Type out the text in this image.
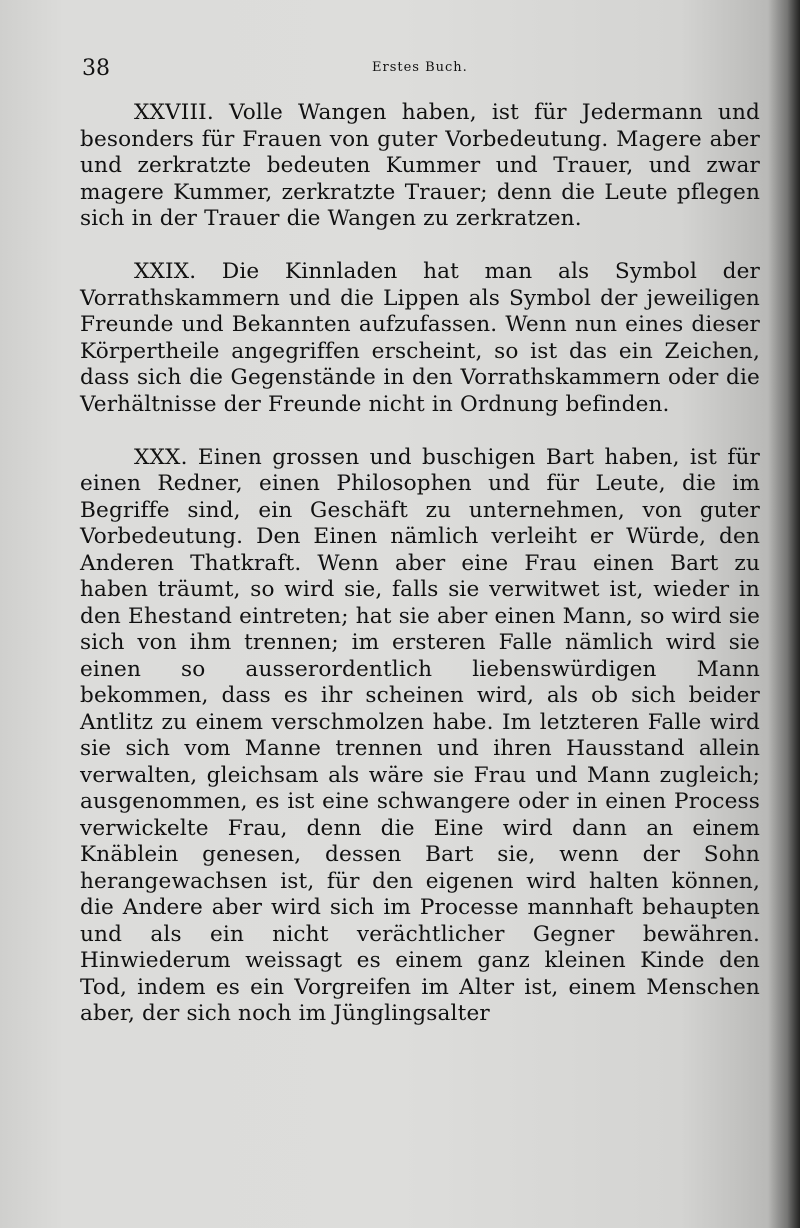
38	Erstes Buch.

XXVIII. Volle Wangen haben, ist für Jedermann und besonders für Frauen von guter Vorbedeutung. Magere aber und zerkratzte bedeuten Kummer und Trauer, und zwar magere Kummer, zerkratzte Trauer; denn die Leute pflegen sich in der Trauer die Wangen zu zerkratzen.

XXIX. Die Kinnladen hat man als Symbol der Vorrathskammern und die Lippen als Symbol der jeweiligen Freunde und Bekannten aufzufassen. Wenn nun eines dieser Körpertheile angegriffen erscheint, so ist das ein Zeichen, dass sich die Gegenstände in den Vorrathskammern oder die Verhältnisse der Freunde nicht in Ordnung befinden.

XXX. Einen grossen und buschigen Bart haben, ist für einen Redner, einen Philosophen und für Leute, die im Begriffe sind, ein Geschäft zu unternehmen, von guter Vorbedeutung. Den Einen nämlich verleiht er Würde, den Anderen Thatkraft. Wenn aber eine Frau einen Bart zu haben träumt, so wird sie, falls sie verwitwet ist, wieder in den Ehestand eintreten; hat sie aber einen Mann, so wird sie sich von ihm trennen; im ersteren Falle nämlich wird sie einen so ausserordentlich liebenswürdigen Mann bekommen, dass es ihr scheinen wird, als ob sich beider Antlitz zu einem verschmolzen habe. Im letzteren Falle wird sie sich vom Manne trennen und ihren Hausstand allein verwalten, gleichsam als wäre sie Frau und Mann zugleich; ausgenommen, es ist eine schwangere oder in einen Process verwickelte Frau, denn die Eine wird dann an einem Knäblein genesen, dessen Bart sie, wenn der Sohn herangewachsen ist, für den eigenen wird halten können, die Andere aber wird sich im Processe mannhaft behaupten und als ein nicht verächtlicher Gegner bewähren. Hinwiederum weissagt es einem ganz kleinen Kinde den Tod, indem es ein Vorgreifen im Alter ist, einem Menschen aber, der sich noch im Jünglingsalter
